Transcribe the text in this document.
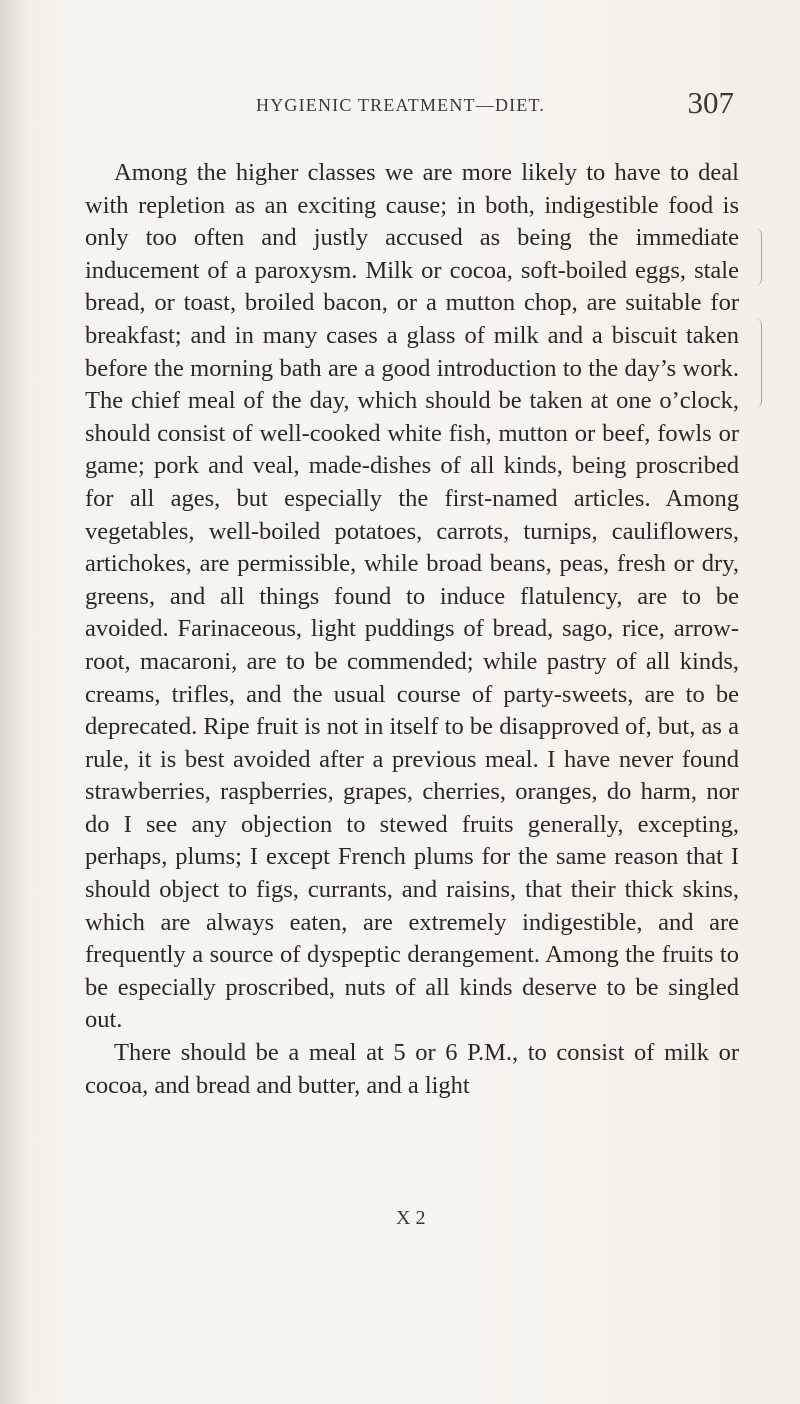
HYGIENIC TREATMENT—DIET.	307

Among the higher classes we are more likely to have to deal with repletion as an exciting cause; in both, indigestible food is only too often and justly accused as being the immediate inducement of a paroxysm. Milk or cocoa, soft-boiled eggs, stale bread, or toast, broiled bacon, or a mutton chop, are suitable for breakfast; and in many cases a glass of milk and a biscuit taken before the morning bath are a good introduction to the day’s work. The chief meal of the day, which should be taken at one o’clock, should consist of well-cooked white fish, mutton or beef, fowls or game; pork and veal, made-dishes of all kinds, being proscribed for all ages, but especially the first-named articles. Among vegetables, well-boiled potatoes, carrots, turnips, cauliflowers, artichokes, are permissible, while broad beans, peas, fresh or dry, greens, and all things found to induce flatulency, are to be avoided. Farinaceous, light puddings of bread, sago, rice, arrow-root, macaroni, are to be commended; while pastry of all kinds, creams, trifles, and the usual course of party-sweets, are to be deprecated. Ripe fruit is not in itself to be disapproved of, but, as a rule, it is best avoided after a previous meal. I have never found strawberries, raspberries, grapes, cherries, oranges, do harm, nor do I see any objection to stewed fruits generally, excepting, perhaps, plums; I except French plums for the same reason that I should object to figs, currants, and raisins, that their thick skins, which are always eaten, are extremely indigestible, and are frequently a source of dyspeptic derangement. Among the fruits to be especially proscribed, nuts of all kinds deserve to be singled out.

There should be a meal at 5 or 6 P.M., to consist of milk or cocoa, and bread and butter, and a light

X 2
